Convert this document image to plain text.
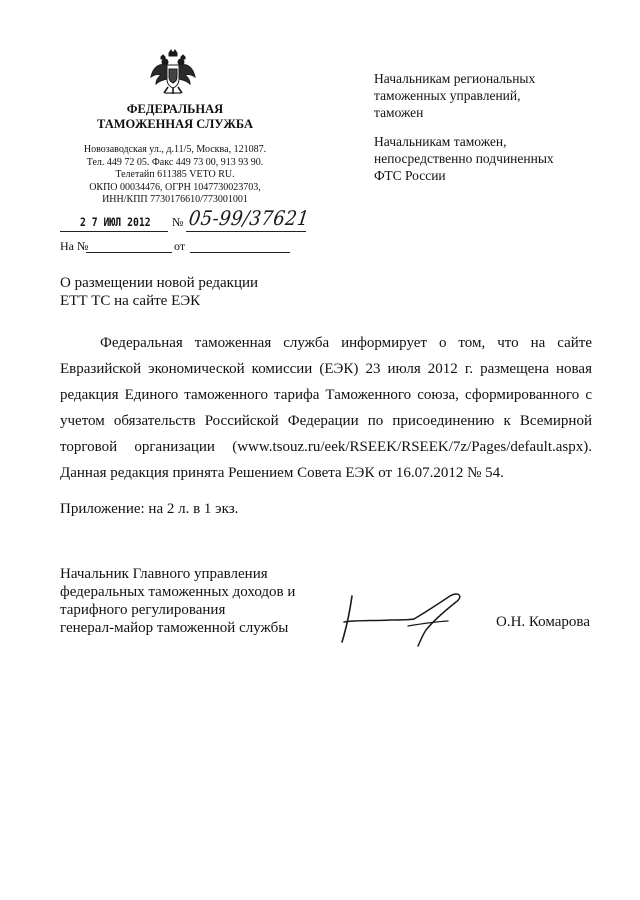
ФЕДЕРАЛЬНАЯ
ТАМОЖЕННАЯ СЛУЖБА
Новозаводская ул., д.11/5, Москва, 121087.
Тел. 449 72 05. Факс 449 73 00, 913 93 90.
Телетайп 611385 VETO RU.
ОКПО 00034476, ОГРН 1047730023703,
ИНН/КПП 7730176610/773001001
2 7 ИЮЛ 2012	№ 05-99/37621
На №	от
Начальникам региональных
таможенных управлений,
таможен
Начальникам таможен,
непосредственно подчиненных
ФТС России
О размещении новой редакции
ЕТТ ТС на сайте ЕЭК
Федеральная таможенная служба информирует о том, что на сайте Евразийской экономической комиссии (ЕЭК) 23 июля 2012 г. размещена новая редакция Единого таможенного тарифа Таможенного союза, сформированного с учетом обязательств Российской Федерации по присоединению к Всемирной торговой организации (www.tsouz.ru/eek/RSEEK/RSEEK/7z/Pages/default.aspx). Данная редакция принята Решением Совета ЕЭК от 16.07.2012 № 54.
Приложение: на 2 л. в 1 экз.
Начальник Главного управления
федеральных таможенных доходов и
тарифного регулирования
генерал-майор таможенной службы	О.Н. Комарова
